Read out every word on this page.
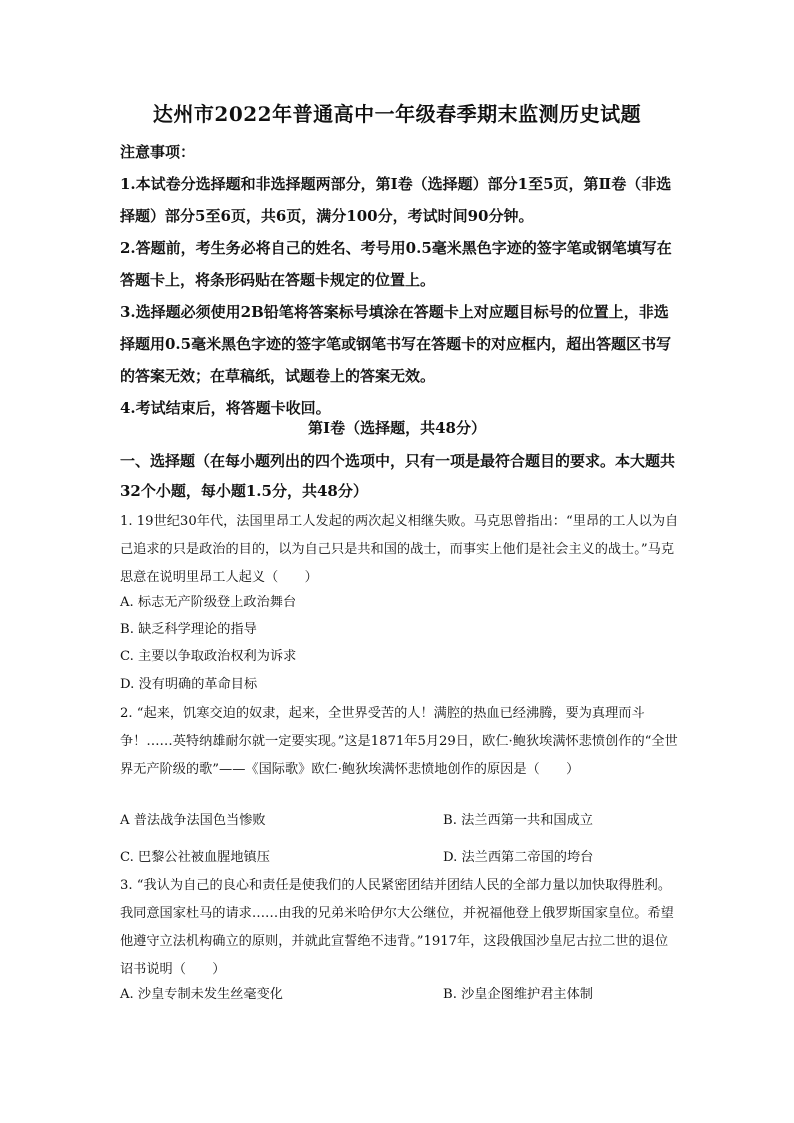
达州市2022年普通高中一年级春季期末监测历史试题

注意事项：

1.本试卷分选择题和非选择题两部分，第Ⅰ卷（选择题）部分1至5页，第Ⅱ卷（非选择题）部分5至6页，共6页，满分100分，考试时间90分钟。

2.答题前，考生务必将自己的姓名、考号用0.5毫米黑色字迹的签字笔或钢笔填写在答题卡上，将条形码贴在答题卡规定的位置上。

3.选择题必须使用2B铅笔将答案标号填涂在答题卡上对应题目标号的位置上，非选择题用0.5毫米黑色字迹的签字笔或钢笔书写在答题卡的对应框内，超出答题区书写的答案无效；在草稿纸，试题卷上的答案无效。

4.考试结束后，将答题卡收回。

第Ⅰ卷（选择题，共48分）
一、选择题（在每小题列出的四个选项中，只有一项是最符合题目的要求。本大题共32个小题，每小题1.5分，共48分）

1. 19世纪30年代，法国里昂工人发起的两次起义相继失败。马克思曾指出：“里昂的工人以为自己追求的只是政治的目的，以为自己只是共和国的战士，而事实上他们是社会主义的战士。”马克思意在说明里昂工人起义（　　）

A. 标志无产阶级登上政治舞台
B. 缺乏科学理论的指导
C. 主要以争取政治权利为诉求
D. 没有明确的革命目标

2. “起来，饥寒交迫的奴隶，起来，全世界受苦的人！满腔的热血已经沸腾，要为真理而斗争！……英特纳雄耐尔就一定要实现。”这是1871年5月29日，欧仁·鲍狄埃满怀悲愤创作的“全世界无产阶级的歌”——《国际歌》欧仁·鲍狄埃满怀悲愤地创作的原因是（　　）

A 普法战争法国色当惨败	B. 法兰西第一共和国成立
C. 巴黎公社被血腥地镇压	D. 法兰西第二帝国的垮台

3. “我认为自己的良心和责任是使我们的人民紧密团结并团结人民的全部力量以加快取得胜利。我同意国家杜马的请求……由我的兄弟米哈伊尔大公继位，并祝福他登上俄罗斯国家皇位。希望他遵守立法机构确立的原则，并就此宣誓绝不违背。”1917年，这段俄国沙皇尼古拉二世的退位诏书说明（　　）

A. 沙皇专制未发生丝毫变化	B. 沙皇企图维护君主体制
